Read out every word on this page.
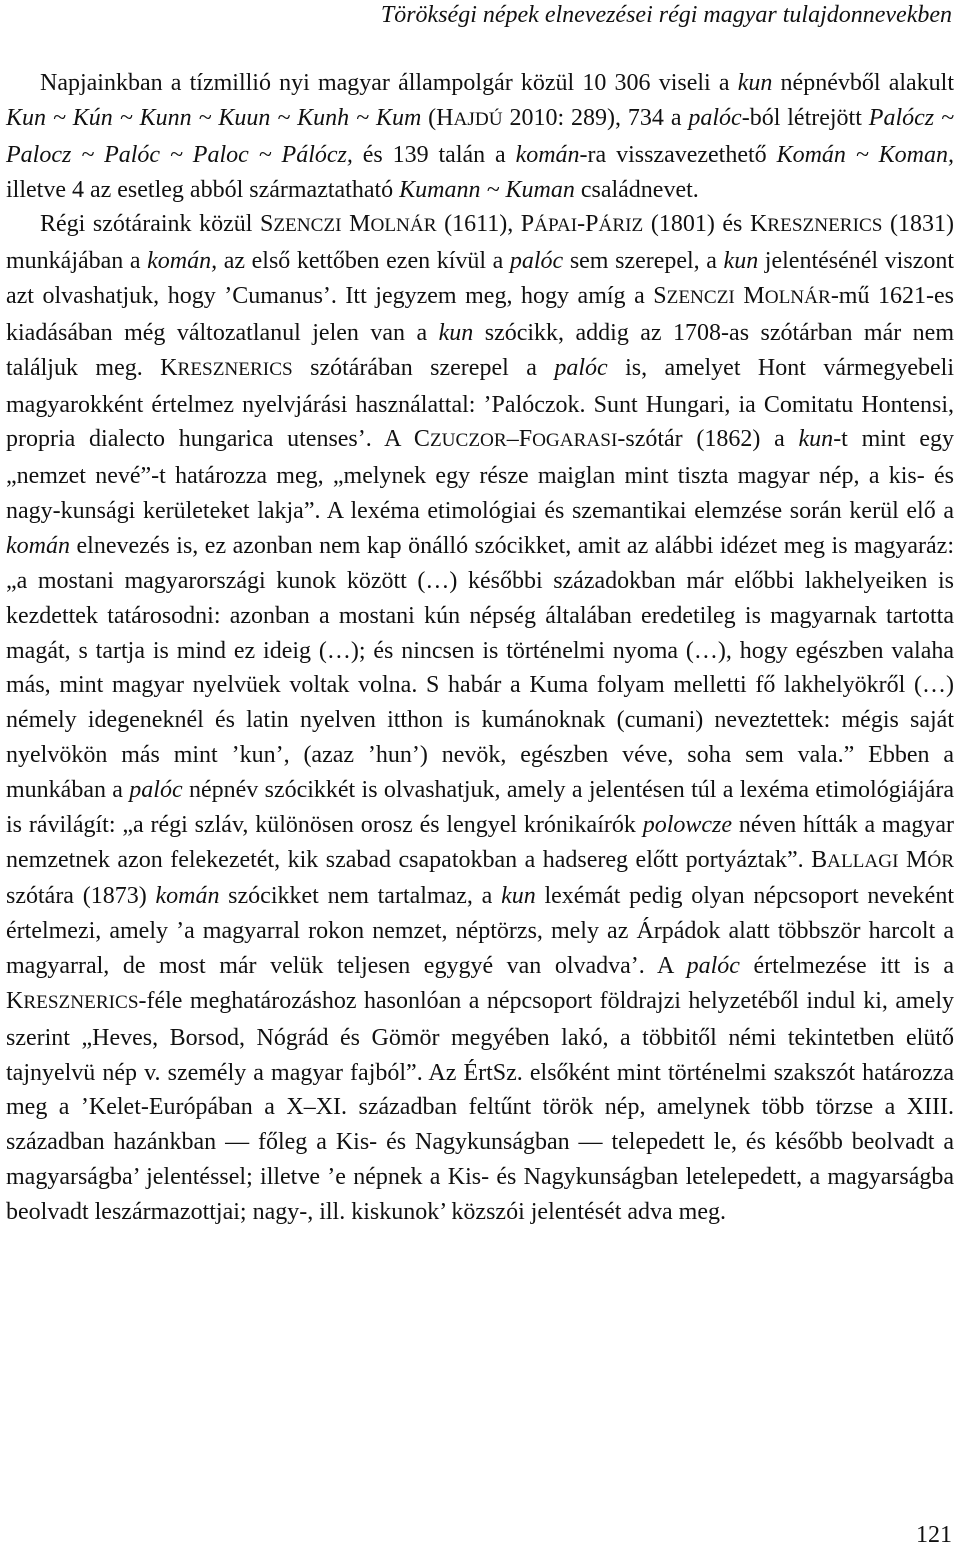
Törökségi népek elnevezései régi magyar tulajdonnevekben

Napjainkban a tízmillió nyi magyar állampolgár közül 10 306 viseli a kun népnévből alakult Kun ~ Kún ~ Kunn ~ Kuun ~ Kunh ~ Kum (HAJDÚ 2010: 289), 734 a palóc-ból létrejött Palócz ~ Palocz ~ Palóc ~ Paloc ~ Pálócz, és 139 talán a komán-ra visszavezethető Komán ~ Koman, illetve 4 az esetleg abból származtatható Kumann ~ Kuman családnevet.

Régi szótáraink közül SZENCZI MOLNÁR (1611), PÁPAI-PÁRIZ (1801) és KRESZNERICS (1831) munkájában a komán, az első kettőben ezen kívül a palóc sem szerepel, a kun jelentésénél viszont azt olvashatjuk, hogy ’Cumanus’. Itt jegyzem meg, hogy amíg a SZENCZI MOLNÁR-mű 1621-es kiadásában még változatlanul jelen van a kun szócikk, addig az 1708-as szótárban már nem találjuk meg. KRESZNERICS szótárában szerepel a palóc is, amelyet Hont vármegyebeli magyarokként értelmez nyelvjárási használattal: ’Palóczok. Sunt Hungari, ia Comitatu Hontensi, propria dialecto hungarica utenses’. A CZUCZOR–FOGARASI-szótár (1862) a kun-t mint egy „nemzet nevé”-t határozza meg, „melynek egy része maiglan mint tiszta magyar nép, a kis- és nagy-kunsági kerületeket lakja”. A lexéma etimológiai és szemantikai elemzése során kerül elő a komán elnevezés is, ez azonban nem kap önálló szócikket, amit az alábbi idézet meg is magyaráz: „a mostani magyarországi kunok között (…) későbbi századokban már előbbi lakhelyeiken is kezdettek tatárosodni: azonban a mostani kún népség általában eredetileg is magyarnak tartotta magát, s tartja is mind ez ideig (…); és nincsen is történelmi nyoma (…), hogy egészben valaha más, mint magyar nyelvüek voltak volna. S habár a Kuma folyam melletti fő lakhelyökről (…) némely idegeneknél és latin nyelven itthon is kumánoknak (cumani) neveztettek: mégis saját nyelvökön más mint ’kun’, (azaz ’hun’) nevök, egészben véve, soha sem vala.” Ebben a munkában a palóc népnév szócikkét is olvashatjuk, amely a jelentésen túl a lexéma etimológiájára is rávilágít: „a régi szláv, különösen orosz és lengyel krónikaírók polowcze néven hítták a magyar nemzetnek azon felekezetét, kik szabad csapatokban a hadsereg előtt portyáztak”. BALLAGI MÓR szótára (1873) komán szócikket nem tartalmaz, a kun lexémát pedig olyan népcsoport neveként értelmezi, amely ’a magyarral rokon nemzet, néptörzs, mely az Árpádok alatt többször harcolt a magyarral, de most már velük teljesen egygyé van olvadva’. A palóc értelmezése itt is a KRESZNERICS-féle meghatározáshoz hasonlóan a népcsoport földrajzi helyzetéből indul ki, amely szerint „Heves, Borsod, Nógrád és Gömör megyében lakó, a többitől némi tekintetben elütő tajnyelvü nép v. személy a magyar fajból”. Az ÉrtSz. elsőként mint történelmi szakszót határozza meg a ’Kelet-Európában a X–XI. században feltűnt török nép, amelynek több törzse a XIII. században hazánkban — főleg a Kis- és Nagykunságban — telepedett le, és később beolvadt a magyarságba’ jelentéssel; illetve ’e népnek a Kis- és Nagykunságban letelepedett, a magyarságba beolvadt leszármazottjai; nagy-, ill. kiskunok’ közszói jelentését adva meg.

121
